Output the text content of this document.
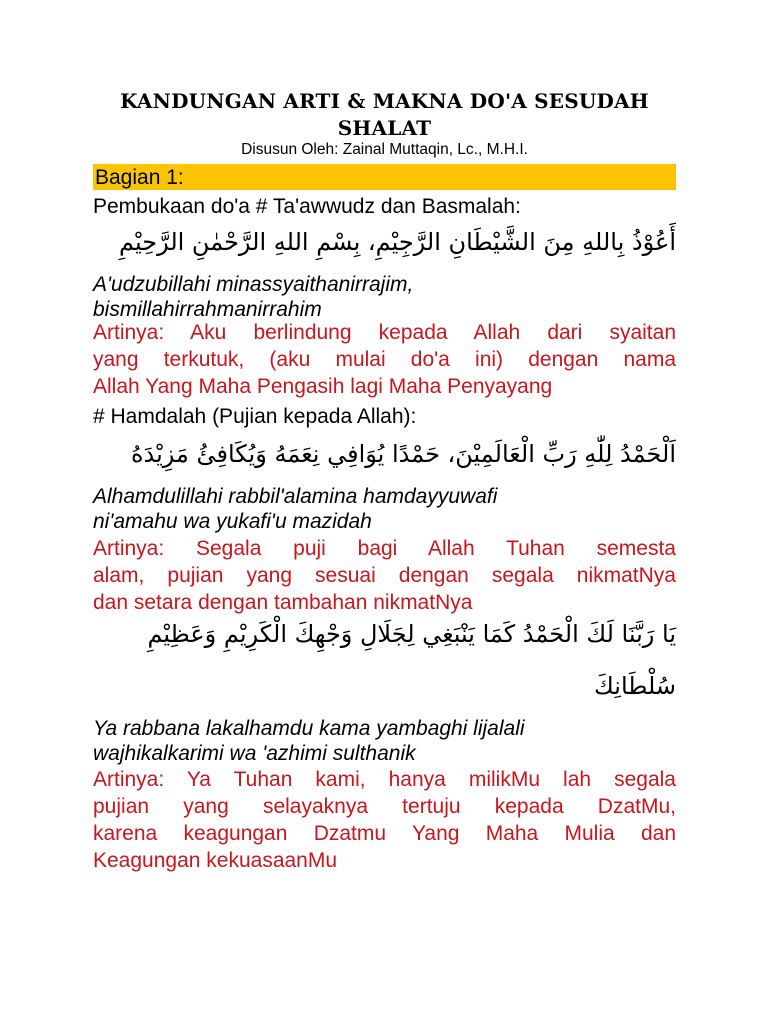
KANDUNGAN ARTI & MAKNA DO'A SESUDAH
SHALAT
Disusun Oleh: Zainal Muttaqin, Lc., M.H.I.
Bagian 1:
Pembukaan do'a # Ta'awwudz dan Basmalah:
أَعُوْذُ بِاللهِ مِنَ الشَّيْطَانِ الرَّجِيْمِ، بِسْمِ اللهِ الرَّحْمٰنِ الرَّحِيْمِ
A'udzubillahi minassyaithanirrajim,
bismillahirrahmanirrahim
Artinya: Aku berlindung kepada Allah dari syaitan
yang terkutuk, (aku mulai do'a ini) dengan nama
Allah Yang Maha Pengasih lagi Maha Penyayang
# Hamdalah (Pujian kepada Allah):
اَلْحَمْدُ لِلّٰهِ رَبِّ الْعَالَمِيْنَ، حَمْدًا يُوَافِي نِعَمَهُ وَيُكَافِئُ مَزِيْدَهُ
Alhamdulillahi rabbil'alamina hamdayyuwafi
ni'amahu wa yukafi'u mazidah
Artinya: Segala puji bagi Allah Tuhan semesta
alam, pujian yang sesuai dengan segala nikmatNya
dan setara dengan tambahan nikmatNya
يَا رَبَّنَا لَكَ الْحَمْدُ كَمَا يَنْبَغِي لِجَلَالِ وَجْهِكَ الْكَرِيْمِ وَعَظِيْمِ
سُلْطَانِكَ
Ya rabbana lakalhamdu kama yambaghi lijalali
wajhikalkarimi wa 'azhimi sulthanik
Artinya: Ya Tuhan kami, hanya milikMu lah segala
pujian yang selayaknya tertuju kepada DzatMu,
karena keagungan Dzatmu Yang Maha Mulia dan
Keagungan kekuasaanMu
